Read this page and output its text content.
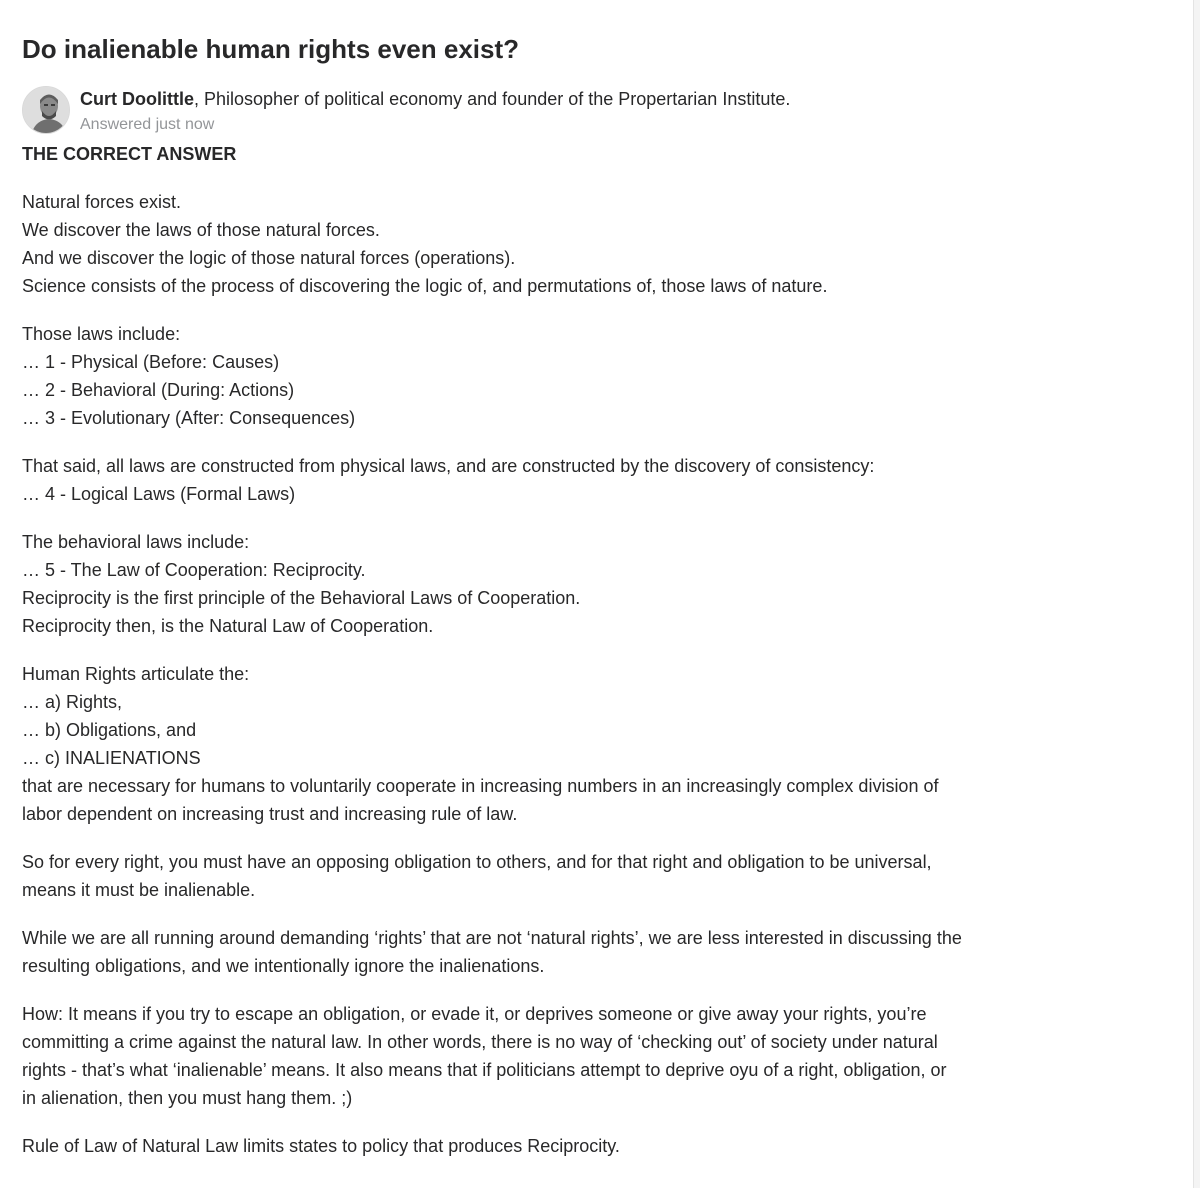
Do inalienable human rights even exist?
Curt Doolittle, Philosopher of political economy and founder of the Propertarian Institute.
Answered just now
THE CORRECT ANSWER
Natural forces exist.
We discover the laws of those natural forces.
And we discover the logic of those natural forces (operations).
Science consists of the process of discovering the logic of, and permutations of, those laws of nature.
Those laws include:
… 1 - Physical (Before: Causes)
… 2 - Behavioral (During: Actions)
… 3 - Evolutionary (After: Consequences)
That said, all laws are constructed from physical laws, and are constructed by the discovery of consistency:
… 4 - Logical Laws (Formal Laws)
The behavioral laws include:
… 5 - The Law of Cooperation: Reciprocity.
Reciprocity is the first principle of the Behavioral Laws of Cooperation.
Reciprocity then, is the Natural Law of Cooperation.
Human Rights articulate the:
… a) Rights,
… b) Obligations, and
… c) INALIENATIONS
that are necessary for humans to voluntarily cooperate in increasing numbers in an increasingly complex division of
labor dependent on increasing trust and increasing rule of law.
So for every right, you must have an opposing obligation to others, and for that right and obligation to be universal,
means it must be inalienable.
While we are all running around demanding ‘rights’ that are not ‘natural rights’, we are less interested in discussing the
resulting obligations, and we intentionally ignore the inalienations.
How: It means if you try to escape an obligation, or evade it, or deprives someone or give away your rights, you’re
committing a crime against the natural law. In other words, there is no way of ‘checking out’ of society under natural
rights - that’s what ‘inalienable’ means. It also means that if politicians attempt to deprive oyu of a right, obligation, or
in alienation, then you must hang them. ;)
Rule of Law of Natural Law limits states to policy that produces Reciprocity.
